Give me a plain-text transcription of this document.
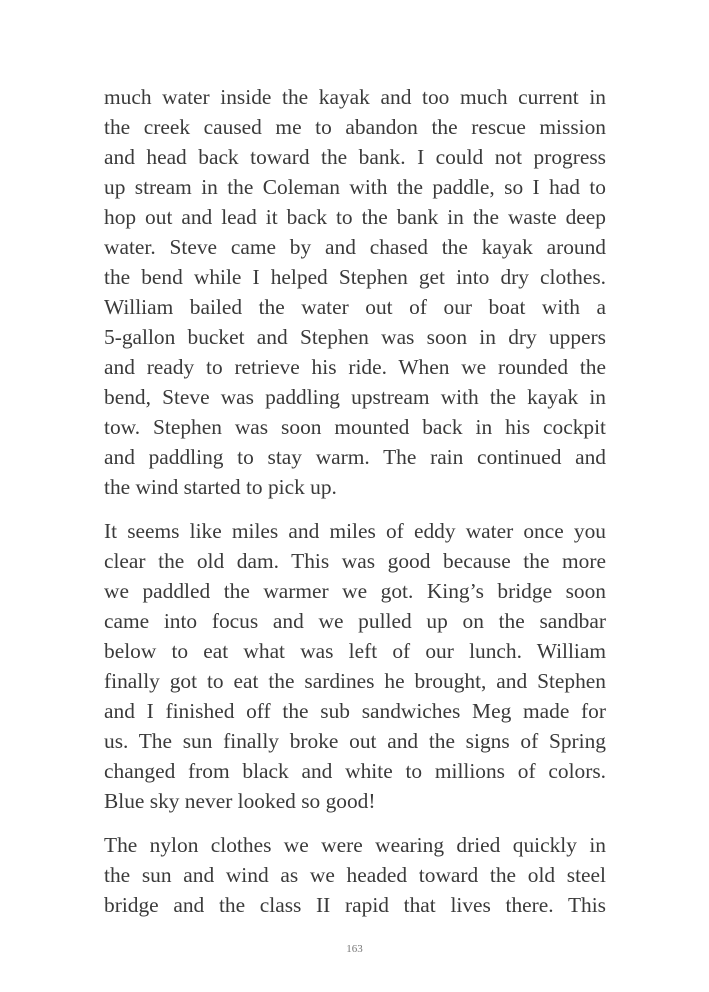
much water inside the kayak and too much current in
the creek caused me to abandon the rescue mission
and head back toward the bank. I could not progress
up stream in the Coleman with the paddle, so I had to
hop out and lead it back to the bank in the waste deep
water. Steve came by and chased the kayak around
the bend while I helped Stephen get into dry clothes.
William bailed the water out of our boat with a
5-gallon bucket and Stephen was soon in dry uppers
and ready to retrieve his ride. When we rounded the
bend, Steve was paddling upstream with the kayak in
tow. Stephen was soon mounted back in his cockpit
and paddling to stay warm. The rain continued and
the wind started to pick up.

It seems like miles and miles of eddy water once you
clear the old dam. This was good because the more
we paddled the warmer we got. King’s bridge soon
came into focus and we pulled up on the sandbar
below to eat what was left of our lunch. William
finally got to eat the sardines he brought, and Stephen
and I finished off the sub sandwiches Meg made for
us. The sun finally broke out and the signs of Spring
changed from black and white to millions of colors.
Blue sky never looked so good!

The nylon clothes we were wearing dried quickly in
the sun and wind as we headed toward the old steel
bridge and the class II rapid that lives there. This

163
